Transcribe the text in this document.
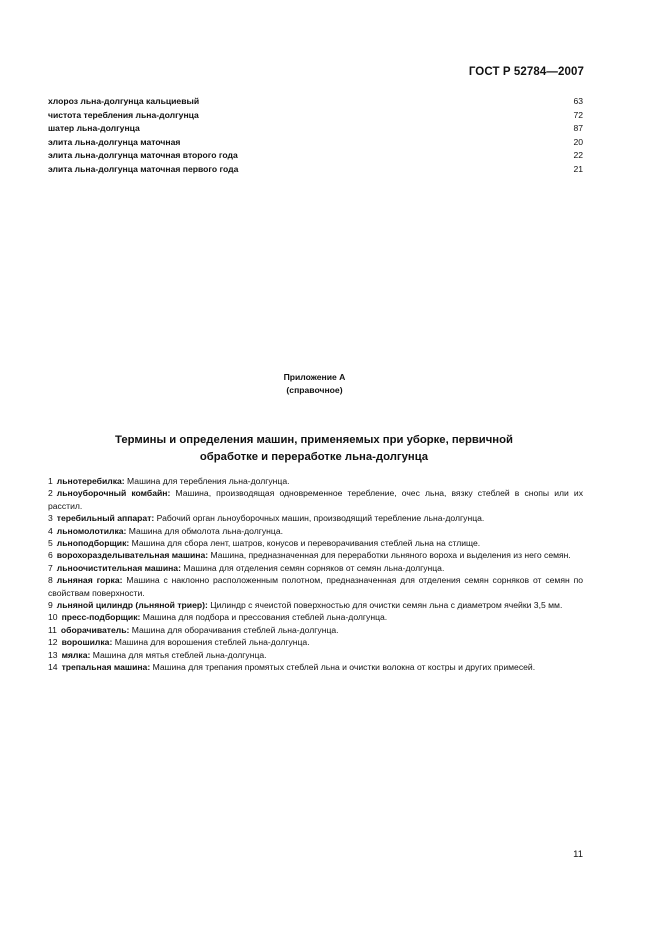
ГОСТ Р 52784—2007
хлороз льна-долгунца кальциевый	63
чистота теребления льна-долгунца	72
шатер льна-долгунца	87
элита льна-долгунца маточная	20
элита льна-долгунца маточная второго года	22
элита льна-долгунца маточная первого года	21
Приложение А
(справочное)
Термины и определения машин, применяемых при уборке, первичной обработке и переработке льна-долгунца

1 льнотеребилка: Машина для теребления льна-долгунца.

2 льноуборочный комбайн: Машина, производящая одновременное теребление, очес льна, вязку стеблей в снопы или их расстил.

3 теребильный аппарат: Рабочий орган льноуборочных машин, производящий теребление льна-долгунца.

4 льномолотилка: Машина для обмолота льна-долгунца.

5 льноподборщик: Машина для сбора лент, шатров, конусов и переворачивания стеблей льна на стлище.

6 ворохоразделывательная машина: Машина, предназначенная для переработки льняного вороха и выделения из него семян.

7 льноочистительная машина: Машина для отделения семян сорняков от семян льна-долгунца.

8 льняная горка: Машина с наклонно расположенным полотном, предназначенная для отделения семян сорняков от семян по свойствам поверхности.

9 льняной цилиндр (льняной триер): Цилиндр с ячеистой поверхностью для очистки семян льна с диаметром ячейки 3,5 мм.

10 пресс-подборщик: Машина для подбора и прессования стеблей льна-долгунца.

11 оборачиватель: Машина для оборачивания стеблей льна-долгунца.

12 ворошилка: Машина для ворошения стеблей льна-долгунца.

13 мялка: Машина для мятья стеблей льна-долгунца.

14 трепальная машина: Машина для трепания промятых стеблей льна и очистки волокна от костры и других примесей.

11
